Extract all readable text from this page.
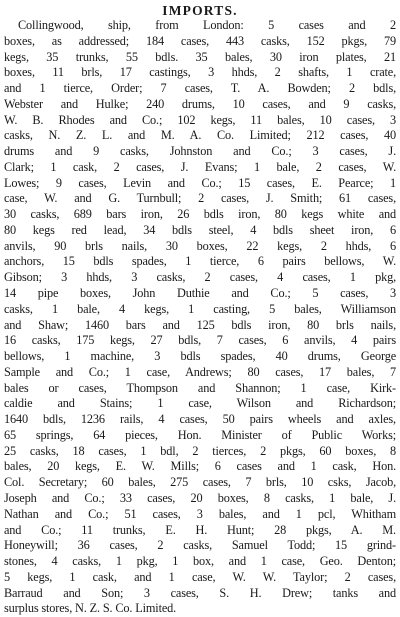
IMPORTS.
Collingwood, ship, from London: 5 cases and 2
boxes, as addressed; 184 cases, 443 casks, 152 pkgs, 79
kegs, 35 trunks, 55 bdls. 35 bales, 30 iron plates, 21
boxes, 11 brls, 17 castings, 3 hhds, 2 shafts, 1 crate,
and 1 tierce, Order; 7 cases, T. A. Bowden; 2 bdls,
Webster and Hulke; 240 drums, 10 cases, and 9 casks,
W. B. Rhodes and Co.; 102 kegs, 11 bales, 10 cases, 3
casks, N. Z. L. and M. A. Co. Limited; 212 cases, 40
drums and 9 casks, Johnston and Co.; 3 cases, J.
Clark; 1 cask, 2 cases, J. Evans; 1 bale, 2 cases, W.
Lowes; 9 cases, Levin and Co.; 15 cases, E. Pearce; 1
case, W. and G. Turnbull; 2 cases, J. Smith; 61 cases,
30 casks, 689 bars iron, 26 bdls iron, 80 kegs white and
80 kegs red lead, 34 bdls steel, 4 bdls sheet iron, 6
anvils, 90 brls nails, 30 boxes, 22 kegs, 2 hhds, 6
anchors, 15 bdls spades, 1 tierce, 6 pairs bellows, W.
Gibson; 3 hhds, 3 casks, 2 cases, 4 cases, 1 pkg,
14 pipe boxes, John Duthie and Co.; 5 cases, 3
casks, 1 bale, 4 kegs, 1 casting, 5 bales, Williamson
and Shaw; 1460 bars and 125 bdls iron, 80 brls nails,
16 casks, 175 kegs, 27 bdls, 7 cases, 6 anvils, 4 pairs
bellows, 1 machine, 3 bdls spades, 40 drums, George
Sample and Co.; 1 case, Andrews; 80 cases, 17 bales, 7
bales or cases, Thompson and Shannon; 1 case, Kirk-
caldie and Stains; 1 case, Wilson and Richardson;
1640 bdls, 1236 rails, 4 cases, 50 pairs wheels and axles,
65 springs, 64 pieces, Hon. Minister of Public Works;
25 casks, 18 cases, 1 bdl, 2 tierces, 2 pkgs, 60 boxes, 8
bales, 20 kegs, E. W. Mills; 6 cases and 1 cask, Hon.
Col. Secretary; 60 bales, 275 cases, 7 brls, 10 csks, Jacob,
Joseph and Co.; 33 cases, 20 boxes, 8 casks, 1 bale, J.
Nathan and Co.; 51 cases, 3 bales, and 1 pcl, Whitham
and Co.; 11 trunks, E. H. Hunt; 28 pkgs, A. M.
Honeywill; 36 cases, 2 casks, Samuel Todd; 15 grind-
stones, 4 casks, 1 pkg, 1 box, and 1 case, Geo. Denton;
5 kegs, 1 cask, and 1 case, W. W. Taylor; 2 cases,
Barraud and Son; 3 cases, S. H. Drew; tanks and
surplus stores, N. Z. S. Co. Limited.
